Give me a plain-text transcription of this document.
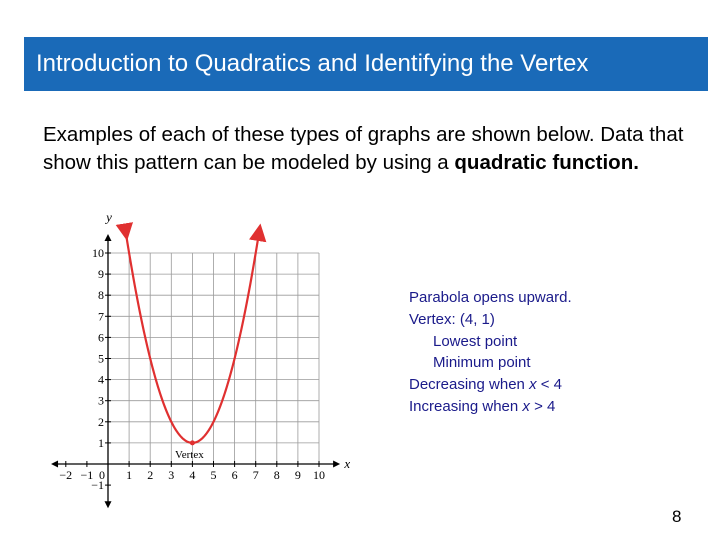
Introduction to Quadratics and Identifying the Vertex
Examples of each of these types of graphs are shown below. Data that show this pattern can be modeled by using a quadratic function.
−2 −1 0 1 2 3 4 5 6 7 8 9 10
−1
1
2
3
4
5
6
7
8
9
10
Vertex
x
y
Parabola opens upward.
Vertex: (4, 1)
Lowest point
Minimum point
Decreasing when x < 4
Increasing when x > 4
8
